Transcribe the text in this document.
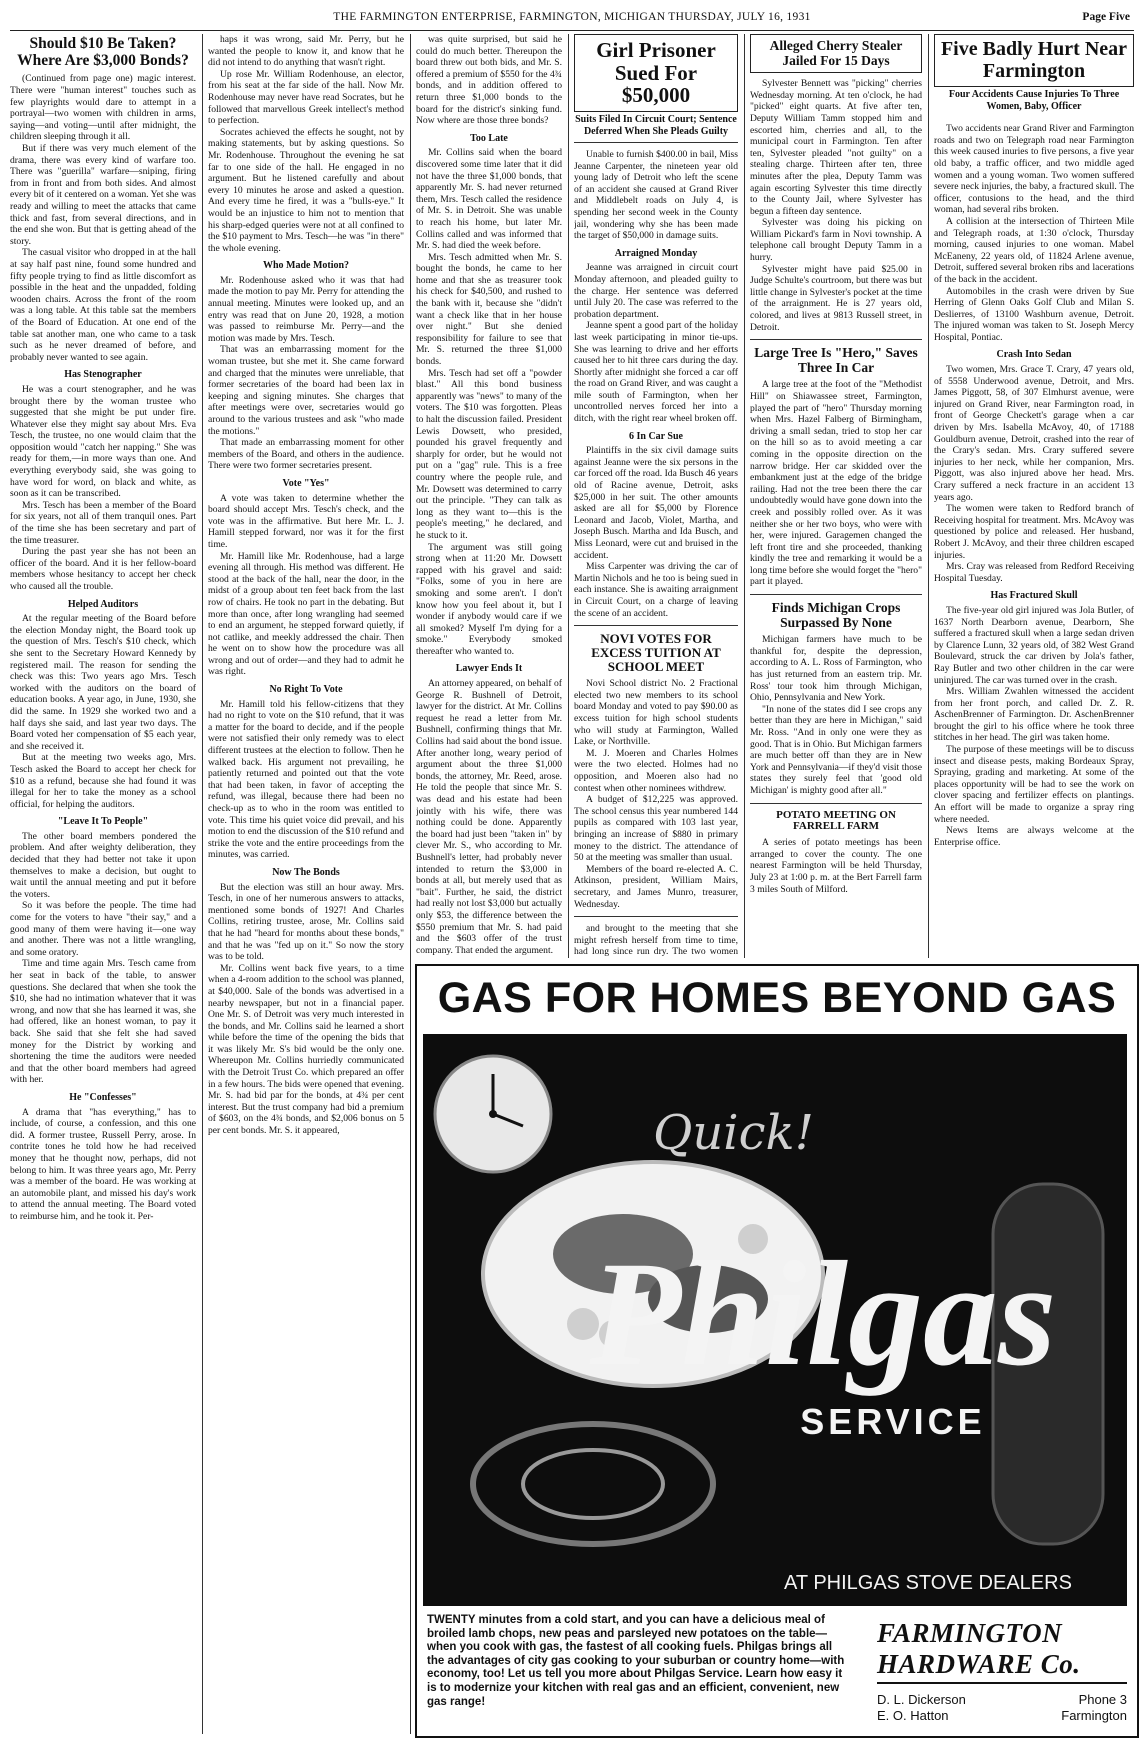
THE FARMINGTON ENTERPRISE, FARMINGTON, MICHIGAN THURSDAY, JULY 16, 1931	Page Five
Should $10 Be Taken? Where Are $3,000 Bonds?

(Continued from page one) magic interest. There were "human interest" touches such as few playrights would dare to attempt in a portrayal—two women with children in arms, saying—and voting—until after midnight, the children sleeping through it all.

But if there was very much element of the drama, there was every kind of warfare too. There was "guerilla" warfare—sniping, firing from in front and from both sides. And almost every bit of it centered on a woman. Yet she was ready and willing to meet the attacks that came thick and fast, from several directions, and in the end she won. But that is getting ahead of the story.

The casual visitor who dropped in at the hall at say half past nine, found some hundred and fifty people trying to find as little discomfort as possible in the heat and the unpadded, folding wooden chairs. Across the front of the room was a long table. At this table sat the members of the Board of Education. At one end of the table sat another man, one who came to a task such as he never dreamed of before, and probably never wanted to see again.

Has Stenographer

He was a court stenographer, and he was brought there by the woman trustee who suggested that she might be put under fire. Whatever else they might say about Mrs. Eva Tesch, the trustee, no one would claim that the opposition would "catch her napping." She was ready for them,—in more ways than one. And everything everybody said, she was going to have word for word, on black and white, as soon as it can be transcribed.

Mrs. Tesch has been a member of the Board for six years, not all of them tranquil ones. Part of the time she has been secretary and part of the time treasurer.

During the past year she has not been an officer of the board. And it is her fellow-board members whose hesitancy to accept her check who caused all the trouble.

Helped Auditors

At the regular meeting of the Board before the election Monday night, the Board took up the question of Mrs. Tesch's $10 check, which she sent to the Secretary Howard Kennedy by registered mail. The reason for sending the check was this: Two years ago Mrs. Tesch worked with the auditors on the board of education books. A year ago, in June, 1930, she did the same. In 1929 she worked two and a half days she said, and last year two days. The Board voted her compensation of $5 each year, and she received it.

But at the meeting two weeks ago, Mrs. Tesch asked the Board to accept her check for $10 as a refund, because she had found it was illegal for her to take the money as a school official, for helping the auditors.

"Leave It To People"

The other board members pondered the problem. And after weighty deliberation, they decided that they had better not take it upon themselves to make a decision, but ought to wait until the annual meeting and put it before the voters.

So it was before the people. The time had come for the voters to have "their say," and a good many of them were having it—one way and another. There was not a little wrangling, and some oratory.

Time and time again Mrs. Tesch came from her seat in back of the table, to answer questions. She declared that when she took the $10, she had no intimation whatever that it was wrong, and now that she has learned it was, she had offered, like an honest woman, to pay it back. She said that she felt she had saved money for the District by working and shortening the time the auditors were needed and that the other board members had agreed with her.

He "Confesses"

A drama that "has everything," has to include, of course, a confession, and this one did. A former trustee, Russell Perry, arose. In contrite tones he told how he had received money that he thought now, perhaps, did not belong to him. It was three years ago, Mr. Perry was a member of the board. He was working at an automobile plant, and missed his day's work to attend the annual meeting. The Board voted to reimburse him, and he took it. Per-

haps it was wrong, said Mr. Perry, but he wanted the people to know it, and know that he did not intend to do anything that wasn't right.

Up rose Mr. William Rodenhouse, an elector, from his seat at the far side of the hall. Now Mr. Rodenhouse may never have read Socrates, but he followed that marvellous Greek intellect's method to perfection.

Socrates achieved the effects he sought, not by making statements, but by asking questions. So Mr. Rodenhouse. Throughout the evening he sat far to one side of the hall. He engaged in no argument. But he listened carefully and about every 10 minutes he arose and asked a question. And every time he fired, it was a "bulls-eye." It would be an injustice to him not to mention that his sharp-edged queries were not at all confined to the $10 payment to Mrs. Tesch—he was "in there" the whole evening.

Who Made Motion?

Mr. Rodenhouse asked who it was that had made the motion to pay Mr. Perry for attending the annual meeting. Minutes were looked up, and an entry was read that on June 20, 1928, a motion was passed to reimburse Mr. Perry—and the motion was made by Mrs. Tesch.

That was an embarrassing moment for the woman trustee, but she met it. She came forward and charged that the minutes were unreliable, that former secretaries of the board had been lax in keeping and signing minutes. She charges that after meetings were over, secretaries would go around to the various trustees and ask "who made the motions."

That made an embarrassing moment for other members of the Board, and others in the audience. There were two former secretaries present.

Vote "Yes"

A vote was taken to determine whether the board should accept Mrs. Tesch's check, and the vote was in the affirmative. But here Mr. L. J. Hamill stepped forward, nor was it for the first time.

Mr. Hamill like Mr. Rodenhouse, had a large evening all through. His method was different. He stood at the back of the hall, near the door, in the midst of a group about ten feet back from the last row of chairs. He took no part in the debating. But more than once, after long wrangling had seemed to end an argument, he stepped forward quietly, if not catlike, and meekly addressed the chair. Then he went on to show how the procedure was all wrong and out of order—and they had to admit he was right.

No Right To Vote

Mr. Hamill told his fellow-citizens that they had no right to vote on the $10 refund, that it was a matter for the board to decide, and if the people were not satisfied their only remedy was to elect different trustees at the election to follow. Then he walked back. His argument not prevailing, he patiently returned and pointed out that the vote that had been taken, in favor of accepting the refund, was illegal, because there had been no check-up as to who in the room was entitled to vote. This time his quiet voice did prevail, and his motion to end the discussion of the $10 refund and strike the vote and the entire proceedings from the minutes, was carried.

Now The Bonds

But the election was still an hour away. Mrs. Tesch, in one of her numerous answers to attacks, mentioned some bonds of 1927! And Charles Collins, retiring trustee, arose, Mr. Collins said that he had "heard for months about these bonds," and that he was "fed up on it." So now the story was to be told.

Mr. Collins went back five years, to a time when a 4-room addition to the school was planned, at $40,000. Sale of the bonds was advertised in a nearby newspaper, but not in a financial paper. One Mr. S. of Detroit was very much interested in the bonds, and Mr. Collins said he learned a short while before the time of the opening the bids that it was likely Mr. S's bid would be the only one. Whereupon Mr. Collins hurriedly communicated with the Detroit Trust Co. which prepared an offer in a few hours. The bids were opened that evening. Mr. S. had bid par for the bonds, at 4¾ per cent interest. But the trust company had bid a premium of $603, on the 4¾ bonds, and $2,006 bonus on 5 per cent bonds. Mr. S. it appeared,

was quite surprised, but said he could do much better. Thereupon the board threw out both bids, and Mr. S. offered a premium of $550 for the 4¾ bonds, and in addition offered to return three $1,000 bonds to the board for the district's sinking fund. Now where are those three bonds?

Too Late

Mr. Collins said when the board discovered some time later that it did not have the three $1,000 bonds, that apparently Mr. S. had never returned them, Mrs. Tesch called the residence of Mr. S. in Detroit. She was unable to reach his home, but later Mr. Collins called and was informed that Mr. S. had died the week before.

Mrs. Tesch admitted when Mr. S. bought the bonds, he came to her home and that she as treasurer took his check for $40,500, and rushed to the bank with it, because she "didn't want a check like that in her house over night." But she denied responsibility for failure to see that Mr. S. returned the three $1,000 bonds.

Mrs. Tesch had set off a "powder blast." All this bond business apparently was "news" to many of the voters. The $10 was forgotten. Pleas to halt the discussion failed. President Lewis Dowsett, who presided, pounded his gravel frequently and sharply for order, but he would not put on a "gag" rule. This is a free country where the people rule, and Mr. Dowsett was determined to carry out the principle. "They can talk as long as they want to—this is the people's meeting," he declared, and he stuck to it.

The argument was still going strong when at 11:20 Mr. Dowsett rapped with his gravel and said: "Folks, some of you in here are smoking and some aren't. I don't know how you feel about it, but I wonder if anybody would care if we all smoked? Myself I'm dying for a smoke." Everybody smoked thereafter who wanted to.

Lawyer Ends It

An attorney appeared, on behalf of George R. Bushnell of Detroit, lawyer for the district. At Mr. Collins request he read a letter from Mr. Bushnell, confirming things that Mr. Collins had said about the bond issue. After another long, weary period of argument about the three $1,000 bonds, the attorney, Mr. Reed, arose. He told the people that since Mr. S. was dead and his estate had been jointly with his wife, there was nothing could be done. Apparently the board had just been "taken in" by clever Mr. S., who according to Mr. Bushnell's letter, had probably never intended to return the $3,000 in bonds at all, but merely used that as "bait". Further, he said, the district had really not lost $3,000 but actually only $53, the difference between the $550 premium that Mr. S. had paid and the $603 offer of the trust company. That ended the argument.

Girl Prisoner Sued For $50,000
Suits Filed In Circuit Court; Sentence Deferred When She Pleads Guilty

Unable to furnish $400.00 in bail, Miss Jeanne Carpenter, the nineteen year old young lady of Detroit who left the scene of an accident she caused at Grand River and Middlebelt roads on July 4, is spending her second week in the County jail, wondering why she has been made the target of $50,000 in damage suits.

Arraigned Monday

Jeanne was arraigned in circuit court Monday afternoon, and pleaded guilty to the charge. Her sentence was deferred until July 20. The case was referred to the probation department.

Jeanne spent a good part of the holiday last week participating in minor tie-ups. She was learning to drive and her efforts caused her to hit three cars during the day. Shortly after midnight she forced a car off the road on Grand River, and was caught a mile south of Farmington, when her uncontrolled nerves forced her into a ditch, with the right rear wheel broken off.

6 In Car Sue

Plaintiffs in the six civil damage suits against Jeanne were the six persons in the car forced off the road. Ida Busch 46 years old of Racine avenue, Detroit, asks $25,000 in her suit. The other amounts asked are all for $5,000 by Florence Leonard and Jacob, Violet, Martha, and Joseph Busch. Martha and Ida Busch, and Miss Leonard, were cut and bruised in the accident.

Miss Carpenter was driving the car of Martin Nichols and he too is being sued in each instance. She is awaiting arraignment in Circuit Court, on a charge of leaving the scene of an accident.

NOVI VOTES FOR EXCESS TUITION AT SCHOOL MEET

Novi School district No. 2 Fractional elected two new members to its school board Monday and voted to pay $90.00 as excess tuition for high school students who will study at Farmington, Walled Lake, or Northville.

M. J. Moeren and Charles Holmes were the two elected. Holmes had no opposition, and Moeren also had no contest when other nominees withdrew.

A budget of $12,225 was approved. The school census this year numbered 144 pupils as compared with 103 last year, bringing an increase of $880 in primary money to the district. The attendance of 50 at the meeting was smaller than usual.

Members of the board re-elected A. C. Atkinson, president, William Mairs, secretary, and James Munro, treasurer, Wednesday.

and brought to the meeting that she might refresh herself from time to time, had long since run dry. The two women

Alleged Cherry Stealer Jailed For 15 Days

Sylvester Bennett was "picking" cherries Wednesday morning. At ten o'clock, he had "picked" eight quarts. At five after ten, Deputy William Tamm stopped him and escorted him, cherries and all, to the municipal court in Farmington. Ten after ten, Sylvester pleaded "not guilty" on a stealing charge. Thirteen after ten, three minutes after the plea, Deputy Tamm was again escorting Sylvester this time directly to the County Jail, where Sylvester has begun a fifteen day sentence.

Sylvester was doing his picking on William Pickard's farm in Novi township. A telephone call brought Deputy Tamm in a hurry.

Sylvester might have paid $25.00 in Judge Schulte's courtroom, but there was but little change in Sylvester's pocket at the time of the arraignment. He is 27 years old, colored, and lives at 9813 Russell street, in Detroit.

Large Tree Is "Hero," Saves Three In Car

A large tree at the foot of the "Methodist Hill" on Shiawassee street, Farmington, played the part of "hero" Thursday morning when Mrs. Hazel Falberg of Birmingham, driving a small sedan, tried to stop her car on the hill so as to avoid meeting a car coming in the opposite direction on the narrow bridge. Her car skidded over the embankment just at the edge of the bridge railing. Had not the tree been there the car undoubtedly would have gone down into the creek and possibly rolled over. As it was neither she or her two boys, who were with her, were injured. Garagemen changed the left front tire and she proceeded, thanking kindly the tree and remarking it would be a long time before she would forget the "hero" part it played.

Finds Michigan Crops Surpassed By None

Michigan farmers have much to be thankful for, despite the depression, according to A. L. Ross of Farmington, who has just returned from an eastern trip. Mr. Ross' tour took him through Michigan, Ohio, Pennsylvania and New York.

"In none of the states did I see crops any better than they are here in Michigan," said Mr. Ross. "And in only one were they as good. That is in Ohio. But Michigan farmers are much better off than they are in New York and Pennsylvania—if they'd visit those states they surely feel that 'good old Michigan' is mighty good after all."

POTATO MEETING ON FARRELL FARM

A series of potato meetings has been arranged to cover the county. The one nearest Farmington will be held Thursday, July 23 at 1:00 p. m. at the Bert Farrell farm 3 miles South of Milford.

Five Badly Hurt Near Farmington
Four Accidents Cause Injuries To Three Women, Baby, Officer

Two accidents near Grand River and Farmington roads and two on Telegraph road near Farmington this week caused inuries to five persons, a five year old baby, a traffic officer, and two middle aged women and a young woman. Two women suffered severe neck injuries, the baby, a fractured skull. The officer, contusions to the head, and the third woman, had several ribs broken.

A collision at the intersection of Thirteen Mile and Telegraph roads, at 1:30 o'clock, Thursday morning, caused injuries to one woman. Mabel McEaneny, 22 years old, of 11824 Arlene avenue, Detroit, suffered several broken ribs and lacerations of the back in the accident.

Automobiles in the crash were driven by Sue Herring of Glenn Oaks Golf Club and Milan S. Deslierres, of 13100 Washburn avenue, Detroit. The injured woman was taken to St. Joseph Mercy Hospital, Pontiac.

Crash Into Sedan

Two women, Mrs. Grace T. Crary, 47 years old, of 5558 Underwood avenue, Detroit, and Mrs. James Piggott, 58, of 307 Elmhurst avenue, were injured on Grand River, near Farmington road, in front of George Checkett's garage when a car driven by Mrs. Isabella McAvoy, 40, of 17188 Gouldburn avenue, Detroit, crashed into the rear of the Crary's sedan. Mrs. Crary suffered severe injuries to her neck, while her companion, Mrs. Piggott, was also injured above her head. Mrs. Crary suffered a neck fracture in an accident 13 years ago.

The women were taken to Redford branch of Receiving hospital for treatment. Mrs. McAvoy was questioned by police and released. Her husband, Robert J. McAvoy, and their three children escaped injuries.

Mrs. Cray was released from Redford Receiving Hospital Tuesday.

Has Fractured Skull

The five-year old girl injured was Jola Butler, of 1637 North Dearborn avenue, Dearborn, She suffered a fractured skull when a large sedan driven by Clarence Lunn, 32 years old, of 382 West Grand Boulevard, struck the car driven by Jola's father, Ray Butler and two other children in the car were uninjured. The car was turned over in the crash.

Mrs. William Zwahlen witnessed the accident from her front porch, and called Dr. Z. R. AschenBrenner of Farmington. Dr. AschenBrenner brought the girl to his office where he took three stitches in her head. The girl was taken home.

The purpose of these meetings will be to discuss insect and disease pests, making Bordeaux Spray, Spraying, grading and marketing. At some of the places opportunity will be had to see the work on clover spacing and fertilizer effects on plantings. An effort will be made to organize a spray ring where needed.

News Items are always welcome at the Enterprise office.

GAS FOR HOMES BEYOND GAS
Quick!
Philgas
SERVICE
AT PHILGAS STOVE DEALERS
TWENTY minutes from a cold start, and you can have a delicious meal of broiled lamb chops, new peas and parsleyed new potatoes on the table—when you cook with gas, the fastest of all cooking fuels. Philgas brings all the advantages of city gas cooking to your suburban or country home—with economy, too! Let us tell you more about Philgas Service. Learn how easy it is to modernize your kitchen with real gas and an efficient, convenient, new gas range!
FARMINGTON HARDWARE Co.
D. L. Dickerson	Phone 3
E. O. Hatton	Farmington
